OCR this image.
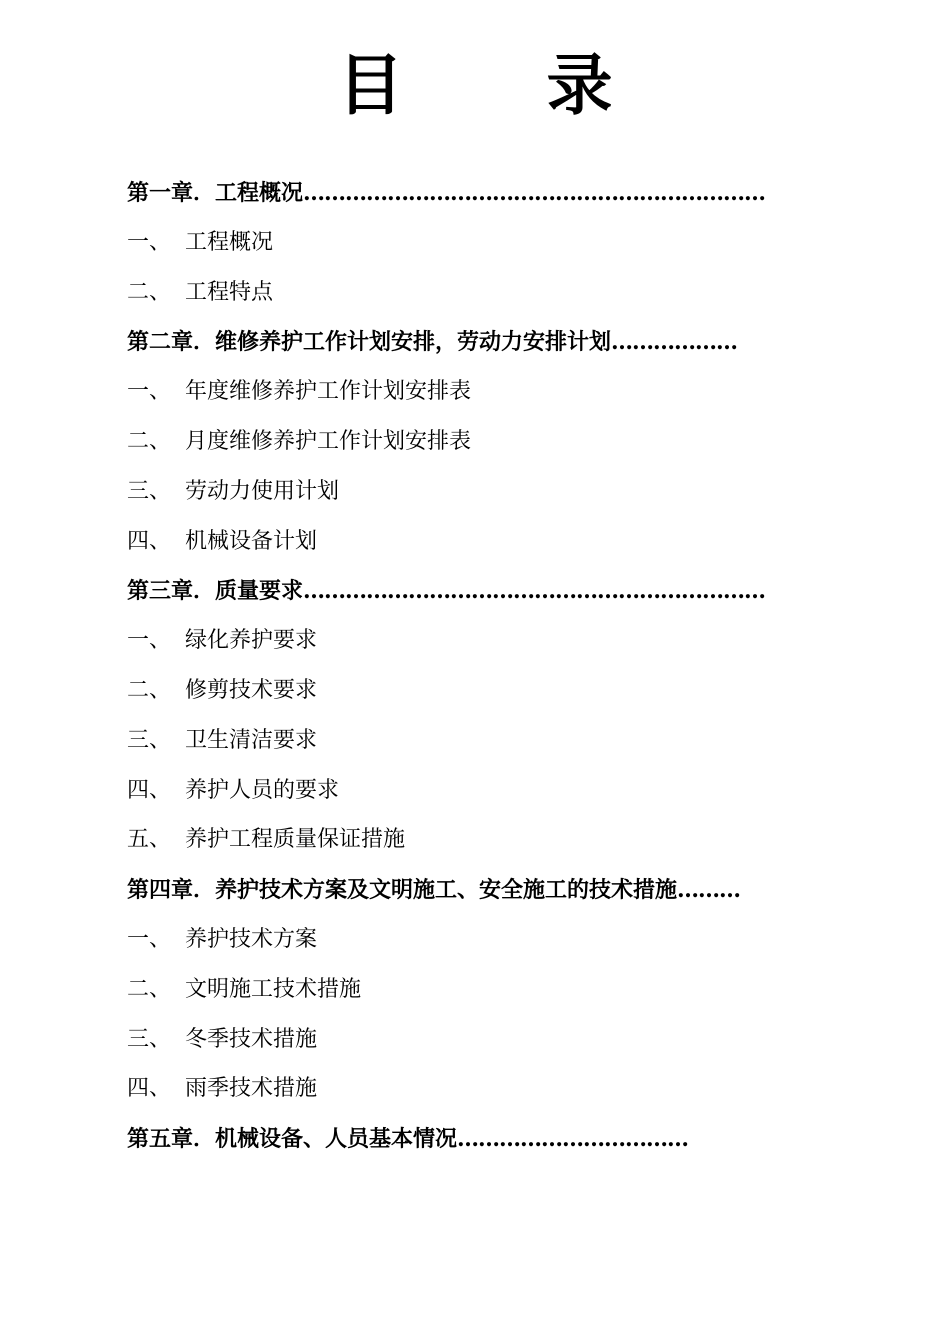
目 录
第一章．工程概况…………………………………………………………
一、 工程概况
二、 工程特点
第二章．维修养护工作计划安排，劳动力安排计划………………
一、 年度维修养护工作计划安排表
二、 月度维修养护工作计划安排表
三、 劳动力使用计划
四、 机械设备计划
第三章．质量要求…………………………………………………………
一、 绿化养护要求
二、 修剪技术要求
三、 卫生清洁要求
四、 养护人员的要求
五、 养护工程质量保证措施
第四章．养护技术方案及文明施工、安全施工的技术措施………
一、 养护技术方案
二、 文明施工技术措施
三、 冬季技术措施
四、 雨季技术措施
第五章．机械设备、人员基本情况……………………………
